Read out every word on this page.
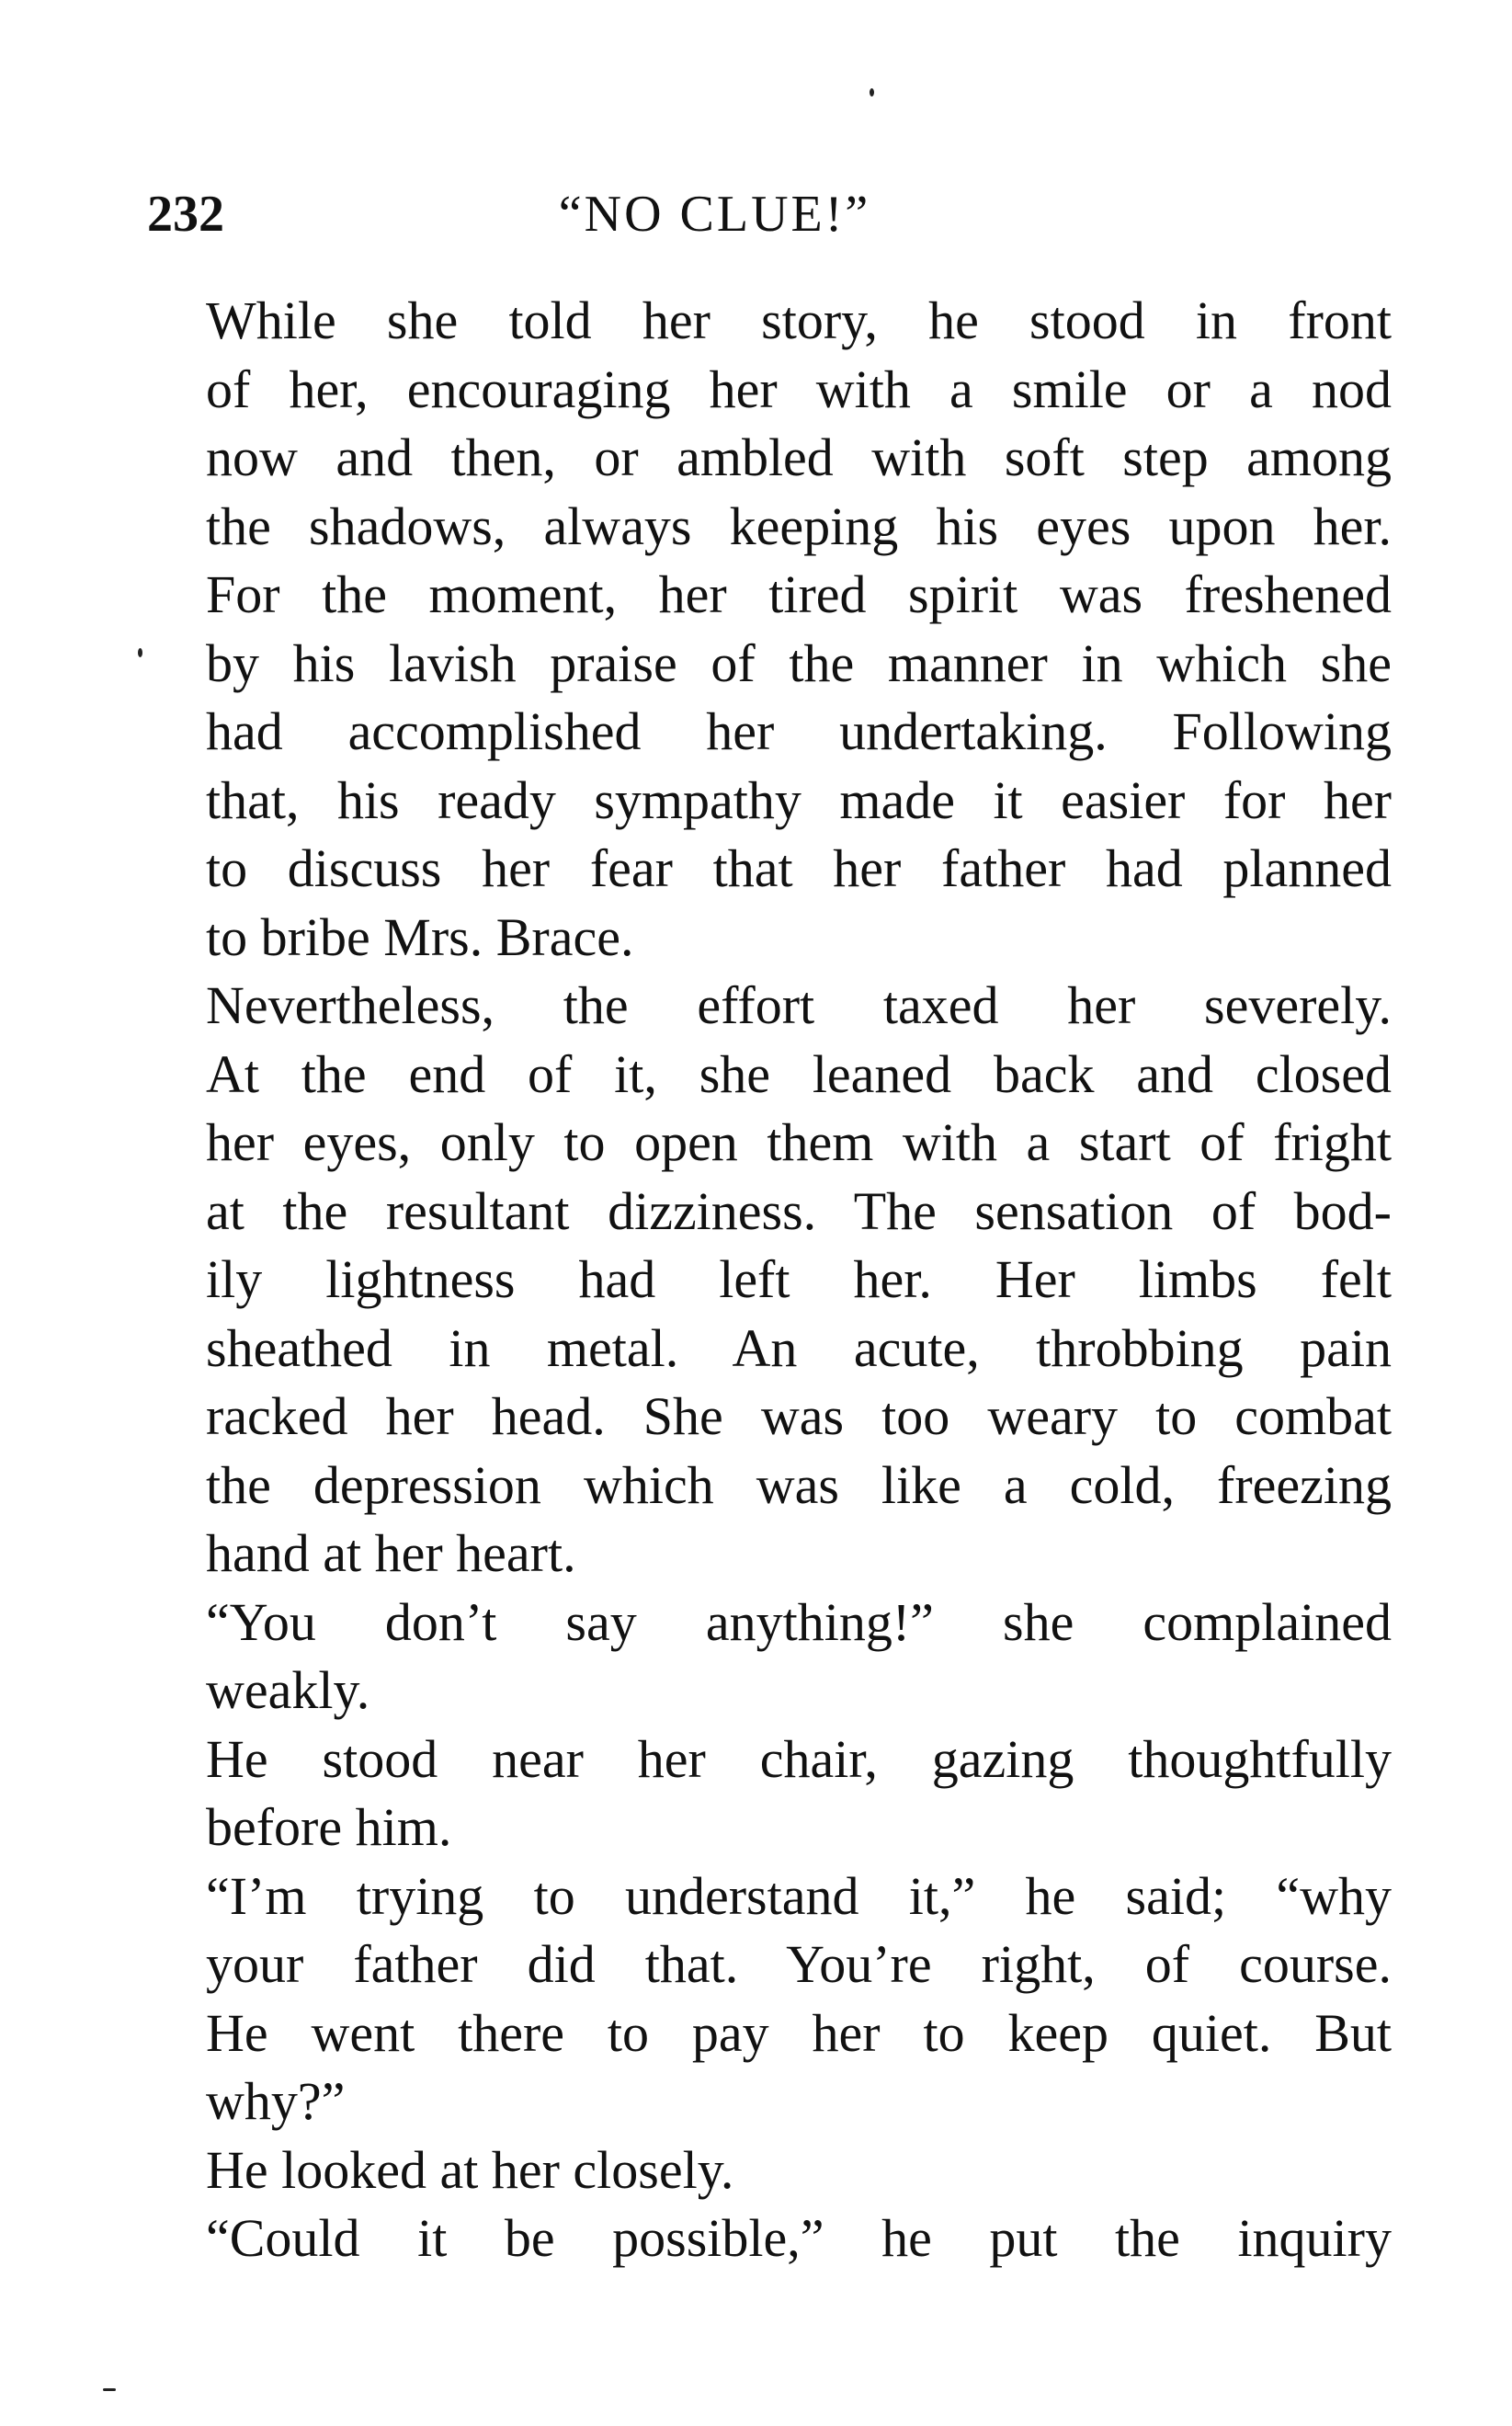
232	“NO CLUE!”

While she told her story, he stood in front
of her, encouraging her with a smile or a nod
now and then, or ambled with soft step among
the shadows, always keeping his eyes upon her.
For the moment, her tired spirit was freshened
by his lavish praise of the manner in which she
had accomplished her undertaking. Following
that, his ready sympathy made it easier for her
to discuss her fear that her father had planned
to bribe Mrs. Brace.

Nevertheless, the effort taxed her severely.
At the end of it, she leaned back and closed
her eyes, only to open them with a start of fright
at the resultant dizziness. The sensation of bod-
ily lightness had left her. Her limbs felt
sheathed in metal. An acute, throbbing pain
racked her head. She was too weary to combat
the depression which was like a cold, freezing
hand at her heart.

“You don’t say anything!” she complained
weakly.

He stood near her chair, gazing thoughtfully
before him.

“I’m trying to understand it,” he said; “why
your father did that. You’re right, of course.
He went there to pay her to keep quiet. But
why?”

He looked at her closely.

“Could it be possible,” he put the inquiry
